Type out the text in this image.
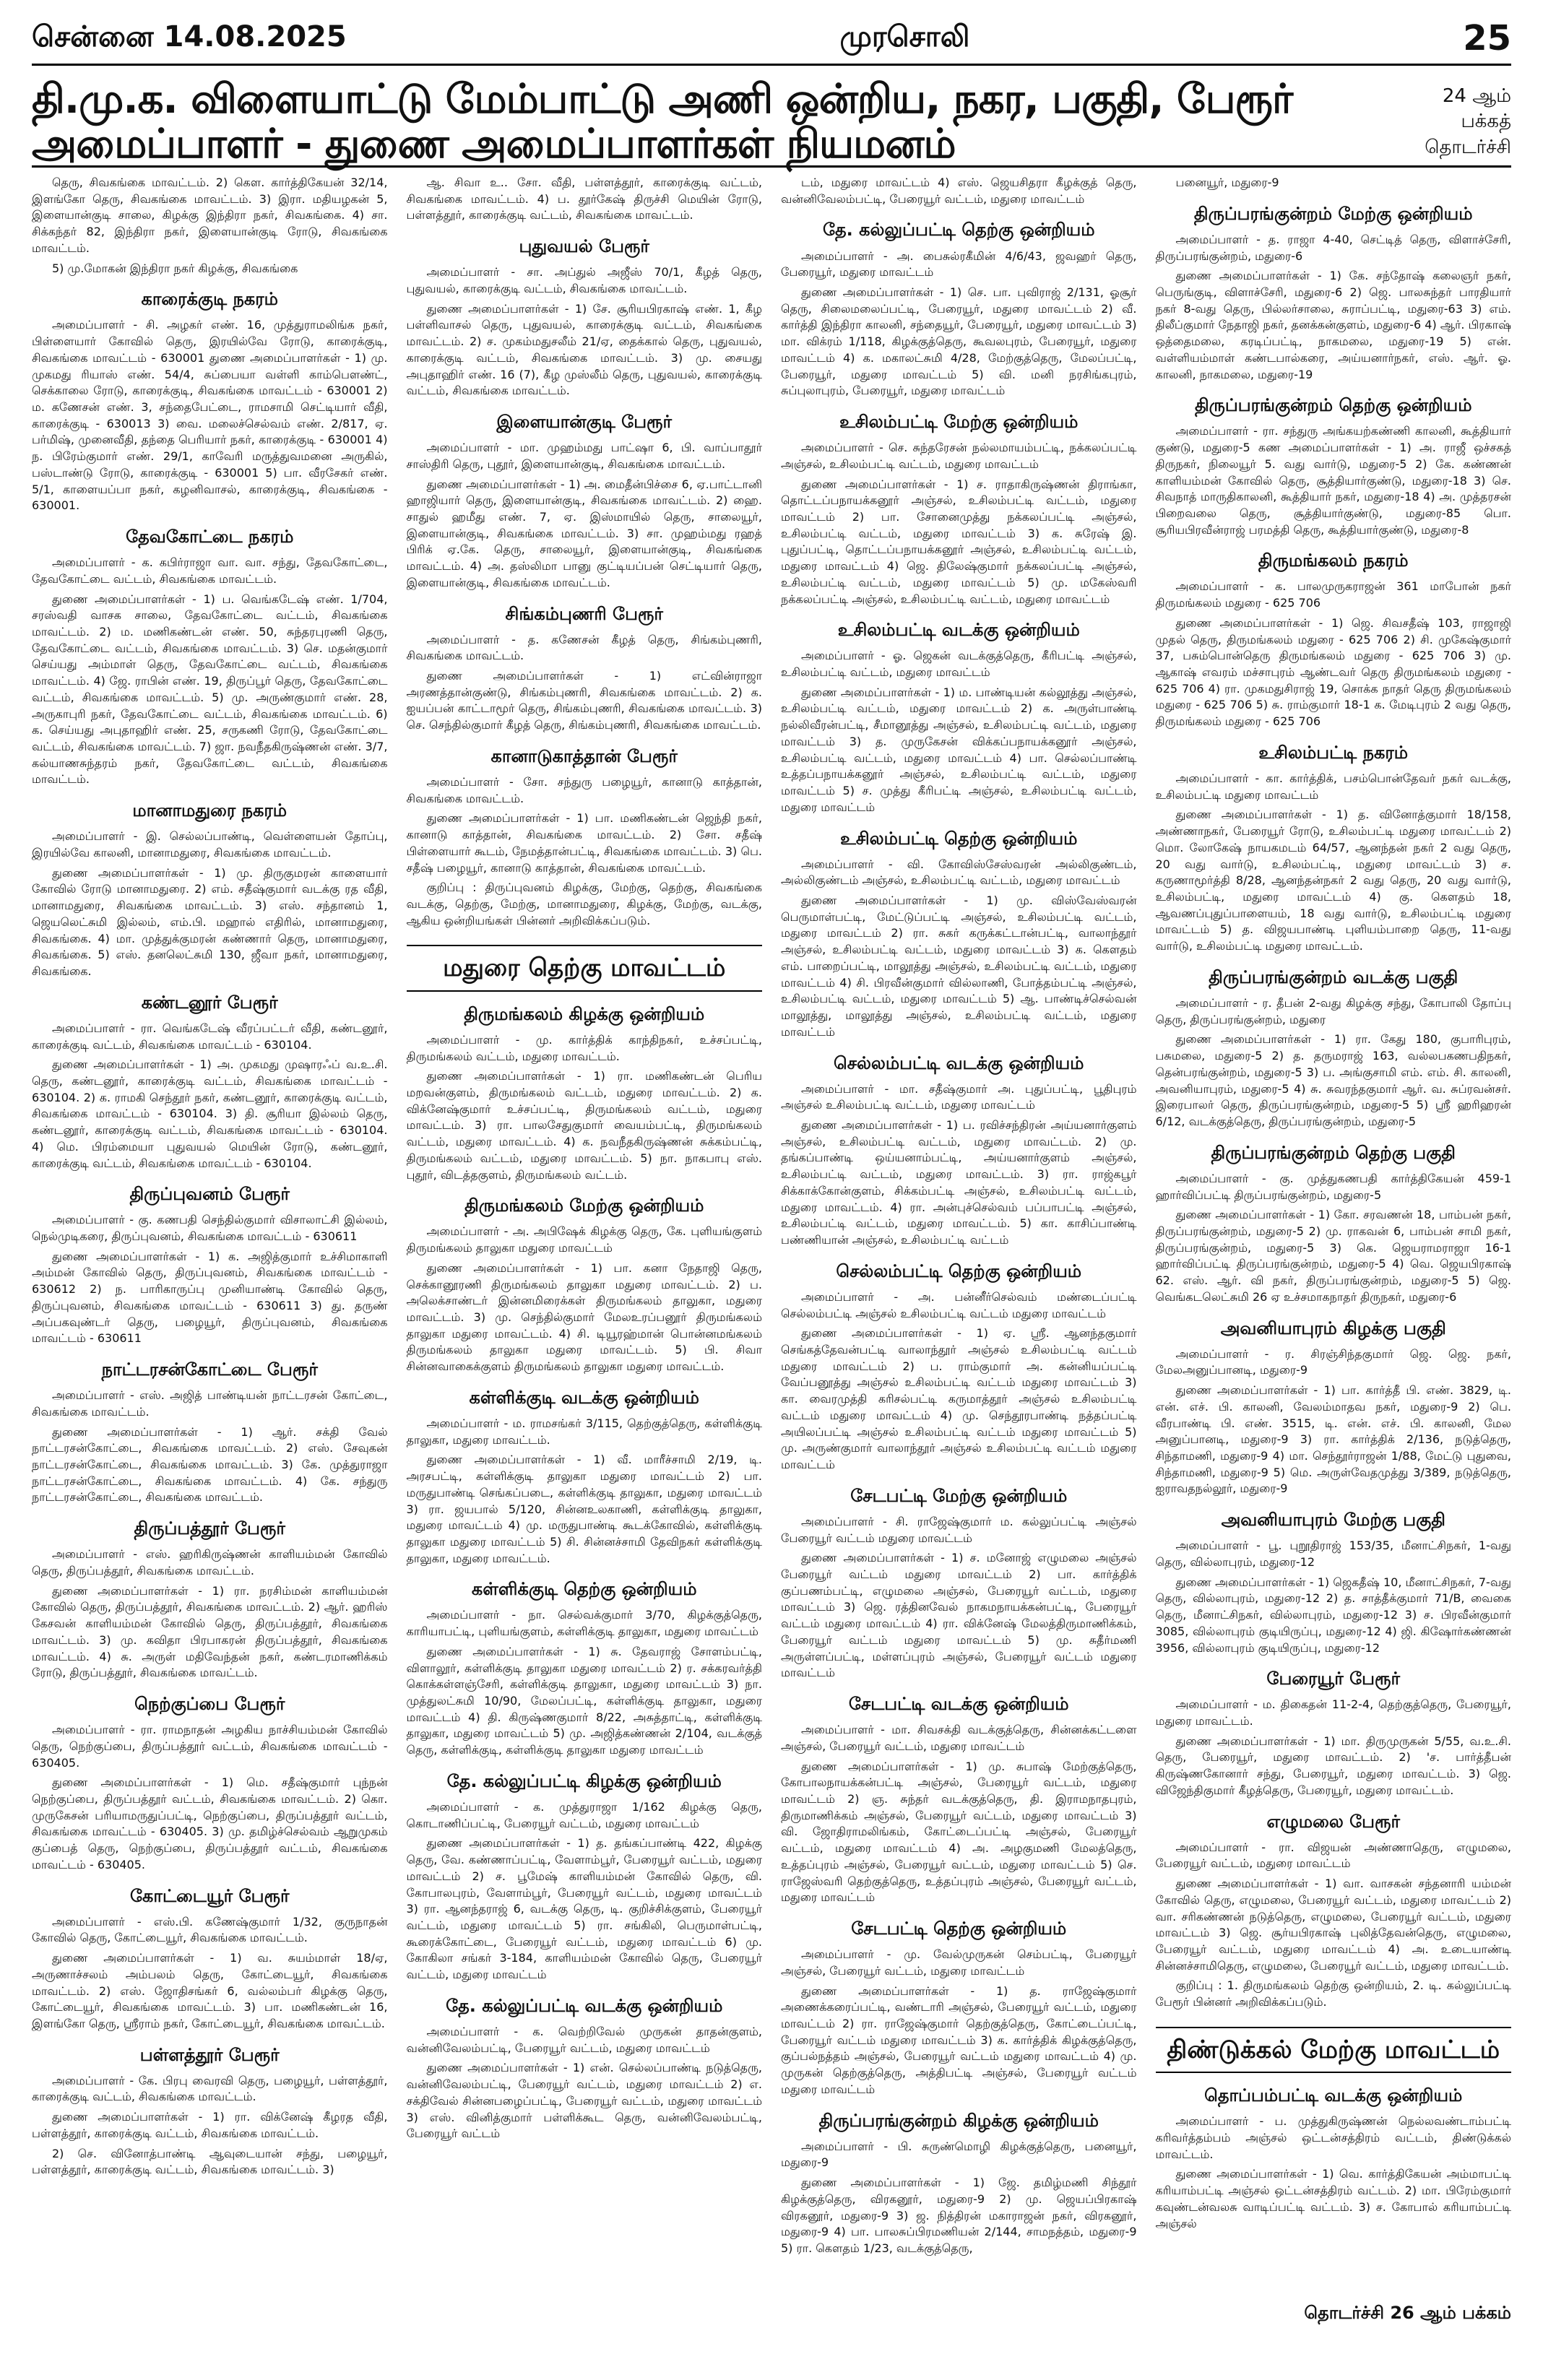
சென்னை 14.08.2025	முரசொலி	25
தி.மு.க. விளையாட்டு மேம்பாட்டு அணி ஒன்றிய, நகர, பகுதி, பேரூர் அமைப்பாளர் - துணை அமைப்பாளர்கள் நியமனம்
24 ஆம் பக்கத்
தொடர்ச்சி

தெரு, சிவகங்கை மாவட்டம். 2) கெள. கார்த்திகேயன் 32/14, இளங்கோ தெரு, சிவகங்கை மாவட்டம். 3) இரா. மதியழகன் 5, இளையான்குடி சாலை, கிழக்கு இந்திரா நகர், சிவகங்கை. 4) சா. சிக்கந்தர் 82, இந்திரா நகர், இளையான்குடி ரோடு, சிவகங்கை மாவட்டம்.

5) மு.மோகன் இந்திரா நகர் கிழக்கு, சிவகங்கை

காரைக்குடி நகரம்

அமைப்பாளர் - சி. அழகர் எண். 16, முத்துராமலிங்க நகர், பிள்ளையார் கோவில் தெரு, இரயில்வே ரோடு, காரைக்குடி, சிவகங்கை மாவட்டம் - 630001 துணை அமைப்பாளர்கள் - 1) மு. முகமது ரியாஸ் எண். 54/4, சுப்பையா வள்ளி காம்பௌண்ட், செக்காலை ரோடு, காரைக்குடி, சிவகங்கை மாவட்டம் - 630001 2) ம. கணேசன் எண். 3, சந்தைபேட்டை, ராமசாமி செட்டியார் வீதி, காரைக்குடி - 630013 3) வை. மலைச்செல்வம் எண். 2/817, ஏ. பர்மிஷ், முனைவீதி, தந்தை பெரியார் நகர், காரைக்குடி - 630001 4) ந. பிரேம்குமார் எண். 29/1, காவேரி மருத்துவமனை அருகில், பஸ்டாண்டு ரோடு, காரைக்குடி - 630001 5) பா. வீரசேகர் எண். 5/1, காளையப்பா நகர், கழனிவாசல், காரைக்குடி, சிவகங்கை - 630001.

தேவகோட்டை நகரம்

அமைப்பாளர் - க. கபிர்ராஜா வா. வா. சந்து, தேவகோட்டை, தேவகோட்டை வட்டம், சிவகங்கை மாவட்டம்.

துணை அமைப்பாளர்கள் - 1) ப. வெங்கடேஷ் எண். 1/704, சரஸ்வதி வாசக சாலை, தேவகோட்டை வட்டம், சிவகங்கை மாவட்டம். 2) ம. மணிகண்டன் எண். 50, சுந்தரபுரணி தெரு, தேவகோட்டை வட்டம், சிவகங்கை மாவட்டம். 3) செ. மதன்குமார் செய்யது அம்மாள் தெரு, தேவகோட்டை வட்டம், சிவகங்கை மாவட்டம். 4) ஜே. ராபின் எண். 19, திருப்பூர் தெரு, தேவகோட்டை வட்டம், சிவகங்கை மாவட்டம். 5) மு. அருண்குமார் எண். 28, அருகாபுரி நகர், தேவகோட்டை வட்டம், சிவகங்கை மாவட்டம். 6) க. செய்யது அபுதாஹிர் எண். 25, சருகணி ரோடு, தேவகோட்டை வட்டம், சிவகங்கை மாவட்டம். 7) ஜா. நவநீதகிருஷ்ணன் எண். 3/7, கல்யாணசுந்தரம் நகர், தேவகோட்டை வட்டம், சிவகங்கை மாவட்டம்.

மானாமதுரை நகரம்

அமைப்பாளர் - இ. செல்லப்பாண்டி, வெள்ளையன் தோப்பு, இரயில்வே காலனி, மானாமதுரை, சிவகங்கை மாவட்டம்.

துணை அமைப்பாளர்கள் - 1) மு. திருகுமரன் காளையார் கோவில் ரோடு மானாமதுரை. 2) எம். சதீஷ்குமார் வடக்கு ரத வீதி, மானாமதுரை, சிவகங்கை மாவட்டம். 3) எஸ். சந்தானம் 1, ஜெயலெட்சுமி இல்லம், எம்.பி. மஹால் எதிரில், மானாமதுரை, சிவகங்கை. 4) மா. முத்துக்குமரன் கண்ணார் தெரு, மானாமதுரை, சிவகங்கை. 5) எஸ். தனலெட்சுமி 130, ஜீவா நகர், மானாமதுரை, சிவகங்கை.

கண்டனூர் பேரூர்

அமைப்பாளர் - ரா. வெங்கடேஷ் வீரப்பட்டர் வீதி, கண்டனூர், காரைக்குடி வட்டம், சிவகங்கை மாவட்டம் - 630104.

துணை அமைப்பாளர்கள் - 1) அ. முகமது முஷாரஃப் வ.உ.சி. தெரு, கண்டனூர், காரைக்குடி வட்டம், சிவகங்கை மாவட்டம் - 630104. 2) க. ராமகி செந்தூர் நகர், கண்டனூர், காரைக்குடி வட்டம், சிவகங்கை மாவட்டம் - 630104. 3) தி. சூரியா இல்லம் தெரு, கண்டனூர், காரைக்குடி வட்டம், சிவகங்கை மாவட்டம் - 630104. 4) மெ. பிரம்மையா புதுவயல் மெயின் ரோடு, கண்டனூர், காரைக்குடி வட்டம், சிவகங்கை மாவட்டம் - 630104.

திருப்புவனம் பேரூர்

அமைப்பாளர் - கு. கணபதி செந்தில்குமார் விசாலாட்சி இல்லம், நெல்முடிகரை, திருப்புவனம், சிவகங்கை மாவட்டம் - 630611

துணை அமைப்பாளர்கள் - 1) க. அஜித்குமார் உச்சிமாகாளி அம்மன் கோவில் தெரு, திருப்புவனம், சிவகங்கை மாவட்டம் - 630612 2) ந. பாரிகாருப்பு முனியாண்டி கோவில் தெரு, திருப்புவனம், சிவகங்கை மாவட்டம் - 630611 3) து. தருண் அப்பகவுண்டர் தெரு, பழையூர், திருப்புவனம், சிவகங்கை மாவட்டம் - 630611

நாட்டரசன்கோட்டை பேரூர்

அமைப்பாளர் - எஸ். அஜித் பாண்டியன் நாட்டரசன் கோட்டை, சிவகங்கை மாவட்டம்.

துணை அமைப்பாளர்கள் - 1) ஆர். சக்தி வேல் நாட்டரசன்கோட்டை, சிவகங்கை மாவட்டம். 2) எஸ். சேவுகன் நாட்டரசன்கோட்டை, சிவகங்கை மாவட்டம். 3) கே. முத்துராஜா நாட்டரசன்கோட்டை, சிவகங்கை மாவட்டம். 4) கே. சந்துரு நாட்டரசன்கோட்டை, சிவகங்கை மாவட்டம்.

திருப்பத்தூர் பேரூர்

அமைப்பாளர் - எஸ். ஹரிகிருஷ்ணன் காளியம்மன் கோவில் தெரு, திருப்பத்தூர், சிவகங்கை மாவட்டம்.

துணை அமைப்பாளர்கள் - 1) ரா. நரசிம்மன் காளியம்மன் கோவில் தெரு, திருப்பத்தூர், சிவகங்கை மாவட்டம். 2) ஆர். ஹரிஸ் கேசவன் காளியம்மன் கோவில் தெரு, திருப்பத்தூர், சிவகங்கை மாவட்டம். 3) மு. கவிதா பிரபாகரன் திருப்பத்தூர், சிவகங்கை மாவட்டம். 4) சு. அருள் மதிவேந்தன் நகர், கண்டரமாணிக்கம் ரோடு, திருப்பத்தூர், சிவகங்கை மாவட்டம்.

நெற்குப்பை பேரூர்

அமைப்பாளர் - ரா. ராமநாதன் அழகிய நாச்சியம்மன் கோவில் தெரு, நெற்குப்பை, திருப்பத்தூர் வட்டம், சிவகங்கை மாவட்டம் - 630405.

துணை அமைப்பாளர்கள் - 1) மெ. சதீஷ்குமார் புந்நன் நெற்குப்பை, திருப்பத்தூர் வட்டம், சிவகங்கை மாவட்டம். 2) கொ. முருகேசன் பரியாமருதுப்பட்டி, நெற்குப்பை, திருப்பத்தூர் வட்டம், சிவகங்கை மாவட்டம் - 630405. 3) மு. தமிழ்ச்செல்வம் ஆறுமுகம் குப்பைத் தெரு, நெற்குப்பை, திருப்பத்தூர் வட்டம், சிவகங்கை மாவட்டம் - 630405.

கோட்டையூர் பேரூர்

அமைப்பாளர் - எஸ்.பி. கணேஷ்குமார் 1/32, குருநாதன் கோவில் தெரு, கோட்டையூர், சிவகங்கை மாவட்டம்.

துணை அமைப்பாளர்கள் - 1) வ. சுயம்மாள் 18/ஏ, அருணாச்சலம் அம்பலம் தெரு, கோட்டையூர், சிவகங்கை மாவட்டம். 2) எஸ். ஜோதிசங்கர் 6, வல்லம்பர் கிழக்கு தெரு, கோட்டையூர், சிவகங்கை மாவட்டம். 3) பா. மணிகண்டன் 16, இளங்கோ தெரு, ஸ்ரீராம் நகர், கோட்டையூர், சிவகங்கை மாவட்டம்.

பள்ளத்தூர் பேரூர்

அமைப்பாளர் - கே. பிரபு வைரவி தெரு, பழையூர், பள்ளத்தூர், காரைக்குடி வட்டம், சிவகங்கை மாவட்டம்.

துணை அமைப்பாளர்கள் - 1) ரா. விக்னேஷ் கீழரத வீதி, பள்ளத்தூர், காரைக்குடி வட்டம், சிவகங்கை மாவட்டம்.

2) செ. வினோத்பாண்டி ஆவுடையான் சந்து, பழையூர், பள்ளத்தூர், காரைக்குடி வட்டம், சிவகங்கை மாவட்டம். 3)

ஆ. சிவா உ.. சோ. வீதி, பள்ளத்தூர், காரைக்குடி வட்டம், சிவகங்கை மாவட்டம். 4) ப. தூர்கேஷ் திருச்சி மெயின் ரோடு, பள்ளத்தூர், காரைக்குடி வட்டம், சிவகங்கை மாவட்டம்.

புதுவயல் பேரூர்

அமைப்பாளர் - சா. அப்துல் அஜீஸ் 70/1, கீழத் தெரு, புதுவயல், காரைக்குடி வட்டம், சிவகங்கை மாவட்டம்.

துணை அமைப்பாளர்கள் - 1) சே. சூரியபிரகாஷ் எண். 1, கீழ பள்ளிவாசல் தெரு, புதுவயல், காரைக்குடி வட்டம், சிவகங்கை மாவட்டம். 2) ச. முகம்மதுசலீம் 21/ஏ, தைக்கால் தெரு, புதுவயல், காரைக்குடி வட்டம், சிவகங்கை மாவட்டம். 3) மு. சையது அபுதாஹிர் எண். 16 (7), கீழ முஸ்லீம் தெரு, புதுவயல், காரைக்குடி வட்டம், சிவகங்கை மாவட்டம்.

இளையான்குடி பேரூர்

அமைப்பாளர் - மா. முஹம்மது பாட்ஷா 6, பி. வாப்பாதூர் சாஸ்திரி தெரு, புதூர், இளையான்குடி, சிவகங்கை மாவட்டம்.

துணை அமைப்பாளர்கள் - 1) அ. மைதீன்பிச்சை 6, ஏ.பாட்டானி ஹாஜியார் தெரு, இளையான்குடி, சிவகங்கை மாவட்டம். 2) ஹை. சாதுல் ஹமீது எண். 7, ஏ. இஸ்மாயில் தெரு, சாலையூர், இளையான்குடி, சிவகங்கை மாவட்டம். 3) சா. முஹம்மது ரஹத் பிரிக் ஏ.கே. தெரு, சாலையூர், இளையான்குடி, சிவகங்கை மாவட்டம். 4) அ. தஸ்லிமா பானு குட்டியப்பன் செட்டியார் தெரு, இளையான்குடி, சிவகங்கை மாவட்டம்.

சிங்கம்புணரி பேரூர்

அமைப்பாளர் - த. கணேசன் கீழத் தெரு, சிங்கம்புணரி, சிவகங்கை மாவட்டம்.

துணை அமைப்பாளர்கள் - 1) எட்வின்ராஜா அரணத்தான்குண்டு, சிங்கம்புணரி, சிவகங்கை மாவட்டம். 2) க. ஐயப்பன் காட்டாமூர் தெரு, சிங்கம்புணரி, சிவகங்கை மாவட்டம். 3) செ. செந்தில்குமார் கீழத் தெரு, சிங்கம்புணரி, சிவகங்கை மாவட்டம்.

கானாடுகாத்தான் பேரூர்

அமைப்பாளர் - சோ. சந்துரு பழையூர், கானாடு காத்தான், சிவகங்கை மாவட்டம்.

துணை அமைப்பாளர்கள் - 1) பா. மணிகண்டன் ஜெந்தி நகர், கானாடு காத்தான், சிவகங்கை மாவட்டம். 2) சோ. சதீஷ் பிள்ளையார் கூடம், நேமத்தான்பட்டி, சிவகங்கை மாவட்டம். 3) பெ. சதீஷ் பழையூர், கானாடு காத்தான், சிவகங்கை மாவட்டம்.

குறிப்பு : திருப்புவனம் கிழக்கு, மேற்கு, தெற்கு, சிவகங்கை வடக்கு, தெற்கு, மேற்கு, மானாமதுரை, கிழக்கு, மேற்கு, வடக்கு, ஆகிய ஒன்றியங்கள் பின்னர் அறிவிக்கப்படும்.

மதுரை தெற்கு மாவட்டம்
திருமங்கலம் கிழக்கு ஒன்றியம்

அமைப்பாளர் - மு. கார்த்திக் காந்திநகர், உச்சப்பட்டி, திருமங்கலம் வட்டம், மதுரை மாவட்டம்.

துணை அமைப்பாளர்கள் - 1) ரா. மணிகண்டன் பெரிய மறவன்குளம், திருமங்கலம் வட்டம், மதுரை மாவட்டம். 2) க. விக்னேஷ்குமார் உச்சப்பட்டி, திருமங்கலம் வட்டம், மதுரை மாவட்டம். 3) ரா. பாலசேதுகுமார் வையம்பட்டி, திருமங்கலம் வட்டம், மதுரை மாவட்டம். 4) க. நவநீதகிருஷ்ணன் சுக்கம்பட்டி, திருமங்கலம் வட்டம், மதுரை மாவட்டம். 5) நா. நாகபாபு எஸ். புதூர், விடத்தகுளம், திருமங்கலம் வட்டம்.

திருமங்கலம் மேற்கு ஒன்றியம்

அமைப்பாளர் - அ. அபிஷேக் கிழக்கு தெரு, கே. புளியங்குளம் திருமங்கலம் தாலுகா மதுரை மாவட்டம்

துணை அமைப்பாளர்கள் - 1) பா. கனா நேதாஜி தெரு, செக்கானூரணி திருமங்கலம் தாலுகா மதுரை மாவட்டம். 2) ப. அலெக்சாண்டர் இன்னமிரைக்கள் திருமங்கலம் தாலுகா, மதுரை மாவட்டம். 3) மு. செந்தில்குமார் மேலஉரப்பனூர் திருமங்கலம் தாலுகா மதுரை மாவட்டம். 4) சி. டியூரஹ்மான் பொன்னமங்கலம் திருமங்கலம் தாலுகா மதுரை மாவட்டம். 5) பி. சிவா சின்னவாகைக்குளம் திருமங்கலம் தாலுகா மதுரை மாவட்டம்.

கள்ளிக்குடி வடக்கு ஒன்றியம்

அமைப்பாளர் - ம. ராமசங்கர் 3/115, தெற்குத்தெரு, கள்ளிக்குடி தாலுகா, மதுரை மாவட்டம்.

துணை அமைப்பாளர்கள் - 1) வீ. மாரீச்சாமி 2/19, டி. அரசபட்டி, கள்ளிக்குடி தாலுகா மதுரை மாவட்டம் 2) பா. மருதுபாண்டி செங்கப்படை, கள்ளிக்குடி தாலுகா, மதுரை மாவட்டம் 3) ரா. ஜயபால் 5/120, சின்னஉலகாணி, கள்ளிக்குடி தாலுகா, மதுரை மாவட்டம் 4) மு. மருதுபாண்டி கூடக்கோவில், கள்ளிக்குடி தாலுகா மதுரை மாவட்டம் 5) சி. சின்னச்சாமி தேவிநகர் கள்ளிக்குடி தாலுகா, மதுரை மாவட்டம்.

கள்ளிக்குடி தெற்கு ஒன்றியம்

அமைப்பாளர் - நா. செல்வக்குமார் 3/70, கிழக்குத்தெரு, காரியாபட்டி, புளியங்குளம், கள்ளிக்குடி தாலுகா, மதுரை மாவட்டம்

துணை அமைப்பாளர்கள் - 1) சு. தேவராஜ் சோளம்பட்டி, விளாலூர், கள்ளிக்குடி தாலுகா மதுரை மாவட்டம் 2) ர. சக்கரவர்த்தி கொக்கள்ளஞ்சேரி, கள்ளிக்குடி தாலுகா, மதுரை மாவட்டம் 3) நா. முத்துலட்சுமி 10/90, மேலப்பட்டி, கள்ளிக்குடி தாலுகா, மதுரை மாவட்டம் 4) தி. கிருஷ்ணகுமார் 8/22, அசுத்தாட்டி, கள்ளிக்குடி தாலுகா, மதுரை மாவட்டம் 5) மு. அஜித்கண்ணன் 2/104, வடக்குத் தெரு, கள்ளிக்குடி, கள்ளிக்குடி தாலுகா மதுரை மாவட்டம்

தே. கல்லுப்பட்டி கிழக்கு ஒன்றியம்

அமைப்பாளர் - க. முத்துராஜா 1/162 கிழக்கு தெரு, கொடாணிப்பட்டி, பேரையூர் வட்டம், மதுரை மாவட்டம்

துணை அமைப்பாளர்கள் - 1) த. தங்கப்பாண்டி 422, கிழக்கு தெரு, வே. கண்ணாப்பட்டி, வேளாம்பூர், பேரையூர் வட்டம், மதுரை மாவட்டம் 2) ச. பூமேஷ் காளியம்மன் கோவில் தெரு, வி. கோபாலபுரம், வேளாம்பூர், பேரையூர் வட்டம், மதுரை மாவட்டம் 3) ரா. ஆனந்தராஜ் 6, வடக்கு தெரு, டி. குறிச்சிக்குளம், பேரையூர் வட்டம், மதுரை மாவட்டம் 5) ரா. சங்கிலி, பெருமாள்பட்டி, கூரைக்கோட்டை, பேரையூர் வட்டம், மதுரை மாவட்டம் 6) மு. கோகிலா சங்கர் 3-184, காளியம்மன் கோவில் தெரு, பேரையூர் வட்டம், மதுரை மாவட்டம்

தே. கல்லுப்பட்டி வடக்கு ஒன்றியம்

அமைப்பாளர் - க. வெற்றிவேல் முருகன் தாதன்குளம், வன்னிவேலம்பட்டி, பேரையூர் வட்டம், மதுரை மாவட்டம்

துணை அமைப்பாளர்கள் - 1) என். செல்லப்பாண்டி நடுத்தெரு, வன்னிவேலம்பட்டி, பேரையூர் வட்டம், மதுரை மாவட்டம் 2) எ. சக்திவேல் சின்னபழைப்பட்டி, பேரையூர் வட்டம், மதுரை மாவட்டம் 3) எஸ். வினித்குமார் பள்ளிக்கூட தெரு, வன்னிவேலம்பட்டி, பேரையூர் வட்டம்

டம், மதுரை மாவட்டம் 4) எஸ். ஜெயசிதரா கீழக்குத் தெரு, வன்னிவேலம்பட்டி, பேரையூர் வட்டம், மதுரை மாவட்டம்

தே. கல்லுப்பட்டி தெற்கு ஒன்றியம்

அமைப்பாளர் - அ. பைசுல்ரகீமின் 4/6/43, ஜவஹர் தெரு, பேரையூர், மதுரை மாவட்டம்

துணை அமைப்பாளர்கள் - 1) செ. பா. புவிராஜ் 2/131, ஓசூர் தெரு, சிலைமலைப்பட்டி, பேரையூர், மதுரை மாவட்டம் 2) வீ. கார்த்தி இந்திரா காலனி, சந்தையூர், பேரையூர், மதுரை மாவட்டம் 3) மா. விக்ரம் 1/118, கிழக்குத்தெரு, கூவலபுரம், பேரையூர், மதுரை மாவட்டம் 4) க. மகாலட்சுமி 4/28, மேற்குத்தெரு, மேலப்பட்டி, பேரையூர், மதுரை மாவட்டம் 5) வி. மனி நரசிங்கபுரம், சுப்புலாபுரம், பேரையூர், மதுரை மாவட்டம்

உசிலம்பட்டி மேற்கு ஒன்றியம்

அமைப்பாளர் - செ. சுந்தரேசன் நல்லமாயம்பட்டி, நக்கலப்பட்டி அஞ்சல், உசிலம்பட்டி வட்டம், மதுரை மாவட்டம்

துணை அமைப்பாளர்கள் - 1) ச. ராதாகிருஷ்ணன் திராங்கா, தொட்டப்பநாயக்கனூர் அஞ்சல், உசிலம்பட்டி வட்டம், மதுரை மாவட்டம் 2) பா. சோனைமுத்து நக்கலப்பட்டி அஞ்சல், உசிலம்பட்டி வட்டம், மதுரை மாவட்டம் 3) க. சுரேஷ் இ. புதுப்பட்டி, தொட்டப்பநாயக்கனூர் அஞ்சல், உசிலம்பட்டி வட்டம், மதுரை மாவட்டம் 4) ஜெ. திலேஷ்குமார் நக்கலப்பட்டி அஞ்சல், உசிலம்பட்டி வட்டம், மதுரை மாவட்டம் 5) மு. மகேஸ்வரி நக்கலப்பட்டி அஞ்சல், உசிலம்பட்டி வட்டம், மதுரை மாவட்டம்

உசிலம்பட்டி வடக்கு ஒன்றியம்

அமைப்பாளர் - ஓ. ஜெகன் வடக்குத்தெரு, கீரிபட்டி அஞ்சல், உசிலம்பட்டி வட்டம், மதுரை மாவட்டம்

துணை அமைப்பாளர்கள் - 1) ம. பாண்டியன் கல்லூத்து அஞ்சல், உசிலம்பட்டி வட்டம், மதுரை மாவட்டம் 2) க. அருள்பாண்டி நல்லிவீரன்பட்டி, சீமானூத்து அஞ்சல், உசிலம்பட்டி வட்டம், மதுரை மாவட்டம் 3) த. முருகேசன் விக்கப்பநாயக்கனூர் அஞ்சல், உசிலம்பட்டி வட்டம், மதுரை மாவட்டம் 4) பா. செல்லப்பாண்டி உத்தப்பநாயக்கனூர் அஞ்சல், உசிலம்பட்டி வட்டம், மதுரை மாவட்டம் 5) ச. முத்து கீரிபட்டி அஞ்சல், உசிலம்பட்டி வட்டம், மதுரை மாவட்டம்

உசிலம்பட்டி தெற்கு ஒன்றியம்

அமைப்பாளர் - வி. கோவிஸ்சேஸ்வரன் அல்லிகுண்டம், அல்லிகுண்டம் அஞ்சல், உசிலம்பட்டி வட்டம், மதுரை மாவட்டம்

துணை அமைப்பாளர்கள் - 1) மு. விஸ்வேஸ்வரன் பெருமாள்பட்டி, மேட்டுப்பட்டி அஞ்சல், உசிலம்பட்டி வட்டம், மதுரை மாவட்டம் 2) ரா. சுகர் கருக்கட்டான்பட்டி, வாலாந்தூர் அஞ்சல், உசிலம்பட்டி வட்டம், மதுரை மாவட்டம் 3) க. கௌதம் எம். பாறைப்பட்டி, மாலூத்து அஞ்சல், உசிலம்பட்டி வட்டம், மதுரை மாவட்டம் 4) சி. பிரவீன்குமார் வில்லாணி, போத்தம்பட்டி அஞ்சல், உசிலம்பட்டி வட்டம், மதுரை மாவட்டம் 5) ஆ. பாண்டிச்செல்வன் மாலூத்து, மாலூத்து அஞ்சல், உசிலம்பட்டி வட்டம், மதுரை மாவட்டம்

செல்லம்பட்டி வடக்கு ஒன்றியம்

அமைப்பாளர் - மா. சதீஷ்குமார் அ. புதுப்பட்டி, பூதிபுரம் அஞ்சல் உசிலம்பட்டி வட்டம், மதுரை மாவட்டம்

துணை அமைப்பாளர்கள் - 1) ப. ரவிச்சந்திரன் அய்யனார்குளம் அஞ்சல், உசிலம்பட்டி வட்டம், மதுரை மாவட்டம். 2) மு. தங்கப்பாண்டி ஒய்யனாம்பட்டி, அய்யனார்குளம் அஞ்சல், உசிலம்பட்டி வட்டம், மதுரை மாவட்டம். 3) ரா. ராஜ்கபூர் சிக்காக்கோன்குளம், சிக்கம்பட்டி அஞ்சல், உசிலம்பட்டி வட்டம், மதுரை மாவட்டம். 4) ரா. அன்புச்செல்வம் பப்பாபட்டி அஞ்சல், உசிலம்பட்டி வட்டம், மதுரை மாவட்டம். 5) கா. காசிப்பாண்டி பண்ணியான் அஞ்சல், உசிலம்பட்டி வட்டம்

செல்லம்பட்டி தெற்கு ஒன்றியம்

அமைப்பாளர் - அ. பன்னீர்செல்வம் மண்டைப்பட்டி செல்லம்பட்டி அஞ்சல் உசிலம்பட்டி வட்டம் மதுரை மாவட்டம்

துணை அமைப்பாளர்கள் - 1) ஏ. ஸ்ரீ. ஆனந்தகுமார் செங்கத்தேவன்பட்டி வாலாந்தூர் அஞ்சல் உசிலம்பட்டி வட்டம் மதுரை மாவட்டம் 2) ப. ராம்குமார் அ. கன்னியப்பட்டி வேப்பனூத்து அஞ்சல் உசிலம்பட்டி வட்டம் மதுரை மாவட்டம் 3) கா. வைரமுத்தி கரிசல்பட்டி கருமாத்தூர் அஞ்சல் உசிலம்பட்டி வட்டம் மதுரை மாவட்டம் 4) மு. செந்தூரபாண்டி நத்தப்பட்டி அயிலப்பட்டி அஞ்சல் உசிலம்பட்டி வட்டம் மதுரை மாவட்டம் 5) மு. அருண்குமார் வாலாந்தூர் அஞ்சல் உசிலம்பட்டி வட்டம் மதுரை மாவட்டம்

சேடபட்டி மேற்கு ஒன்றியம்

அமைப்பாளர் - சி. ராஜேஷ்குமார் ம. கல்லுப்பட்டி அஞ்சல் பேரையூர் வட்டம் மதுரை மாவட்டம்

துணை அமைப்பாளர்கள் - 1) ச. மனோஜ் எழுமலை அஞ்சல் பேரையூர் வட்டம் மதுரை மாவட்டம் 2) பா. கார்த்திக் குப்பணம்பட்டி, எழுமலை அஞ்சல், பேரையூர் வட்டம், மதுரை மாவட்டம் 3) ஜெ. ரத்தினவேல் நாகமநாயக்கன்பட்டி, பேரையூர் வட்டம் மதுரை மாவட்டம் 4) ரா. விக்னேஷ் மேலத்திருமாணிக்கம், பேரையூர் வட்டம் மதுரை மாவட்டம் 5) மு. சுதீர்மணி அருள்ளப்பட்டி, மள்ளப்புரம் அஞ்சல், பேரையூர் வட்டம் மதுரை மாவட்டம்

சேடபட்டி வடக்கு ஒன்றியம்

அமைப்பாளர் - மா. சிவசக்தி வடக்குத்தெரு, சின்னக்கட்டளை அஞ்சல், பேரையூர் வட்டம், மதுரை மாவட்டம்

துணை அமைப்பாளர்கள் - 1) மு. சுபாஷ் மேற்குத்தெரு, கோபாலநாயக்கன்பட்டி அஞ்சல், பேரையூர் வட்டம், மதுரை மாவட்டம் 2) ஞ. சுந்தர் வடக்குத்தெரு, தி. இராமநாதபுரம், திருமாணிக்கம் அஞ்சல், பேரையூர் வட்டம், மதுரை மாவட்டம் 3) வி. ஜோதிராமலிங்கம், கோட்டைப்பட்டி அஞ்சல், பேரையூர் வட்டம், மதுரை மாவட்டம் 4) அ. அழகுமணி மேலத்தெரு, உத்தப்புரம் அஞ்சல், பேரையூர் வட்டம், மதுரை மாவட்டம் 5) செ. ராஜேஸ்வரி தெற்குத்தெரு, உத்தப்புரம் அஞ்சல், பேரையூர் வட்டம், மதுரை மாவட்டம்

சேடபட்டி தெற்கு ஒன்றியம்

அமைப்பாளர் - மு. வேல்முருகன் செம்பட்டி, பேரையூர் அஞ்சல், பேரையூர் வட்டம், மதுரை மாவட்டம்

துணை அமைப்பாளர்கள் - 1) த. ராஜேஷ்குமார் அணைக்கரைப்பட்டி, வண்டாரி அஞ்சல், பேரையூர் வட்டம், மதுரை மாவட்டம் 2) ரா. ராஜேஷ்குமார் தெற்குத்தெரு, கோட்டைப்பட்டி, பேரையூர் வட்டம் மதுரை மாவட்டம் 3) க. கார்த்திக் கிழக்குத்தெரு, குப்பல்நத்தம் அஞ்சல், பேரையூர் வட்டம் மதுரை மாவட்டம் 4) மு. முருகன் தெற்குத்தெரு, அத்திபட்டி அஞ்சல், பேரையூர் வட்டம் மதுரை மாவட்டம்

திருப்பரங்குன்றம் கிழக்கு ஒன்றியம்

அமைப்பாளர் - பி. சுருண்மொழி கிழக்குத்தெரு, பனையூர், மதுரை-9

துணை அமைப்பாளர்கள் - 1) ஜே. தமிழ்மணி சிந்தூர் கிழக்குத்தெரு, விரகனூர், மதுரை-9 2) மு. ஜெயப்பிரகாஷ் விரகனூர், மதுரை-9 3) ஜ. நித்திரன் மகாராஜன் நகர், விரகனூர், மதுரை-9 4) பா. பாலசுப்பிரமணியன் 2/144, சாமநத்தம், மதுரை-9 5) ரா. கௌதம் 1/23, வடக்குத்தெரு,

பனையூர், மதுரை-9

திருப்பரங்குன்றம் மேற்கு ஒன்றியம்

அமைப்பாளர் - த. ராஜா 4-40, செட்டித் தெரு, விளாச்சேரி, திருப்பரங்குன்றம், மதுரை-6

துணை அமைப்பாளர்கள் - 1) கே. சந்தோஷ் கலைஞர் நகர், பெருங்குடி, விளாச்சேரி, மதுரை-6 2) ஜெ. பாலசுந்தர் பாரதியார் நகர் 8-வது தெரு, பில்லர்சாலை, சுராப்பட்டி, மதுரை-63 3) எம். திலீப்குமார் நேதாஜி நகர், தனக்கன்குளம், மதுரை-6 4) ஆர். பிரகாஷ் ஒத்தைமலை, கரடிப்பட்டி, நாகமலை, மதுரை-19 5) என். வள்ளியம்மாள் கண்டபால்கரை, அய்யனார்நகர், எஸ். ஆர். ஓ. காலனி, நாகமலை, மதுரை-19

திருப்பரங்குன்றம் தெற்கு ஒன்றியம்

அமைப்பாளர் - ரா. சந்துரு அங்கயற்கண்ணி காலனி, கூத்தியார் குண்டு, மதுரை-5 கண அமைப்பாளர்கள் - 1) அ. ராஜீ ஒச்சகத் திருநகர், நிலையூர் 5. வது வார்டு, மதுரை-5 2) கே. கண்ணன் காளியம்மன் கோவில் தெரு, சூத்தியார்குண்டு, மதுரை-18 3) செ. சிவநாத் மாருதிகாலனி, கூத்தியார் நகர், மதுரை-18 4) அ. முத்தரசன் பிறைவலை தெரு, சூத்தியார்குண்டு, மதுரை-85 பொ. சூரியபிரவீன்ராஜ் பரமத்தி தெரு, கூத்தியார்குண்டு, மதுரை-8

திருமங்கலம் நகரம்

அமைப்பாளர் - க. பாலமுருகராஜன் 361 மாபோன் நகர் திருமங்கலம் மதுரை - 625 706

துணை அமைப்பாளர்கள் - 1) ஜெ. சிவசதீஷ் 103, ராஜாஜி முதல் தெரு, திருமங்கலம் மதுரை - 625 706 2) சி. முகேஷ்குமார் 37, பசும்பொன்தெரு திருமங்கலம் மதுரை - 625 706 3) மு. ஆகாஷ் எவரம் மச்சாபுரம் ஆண்டவர் தெரு திருமங்கலம் மதுரை - 625 706 4) ரா. முகமதுசிராஜ் 19, சொக்க நாதர் தெரு திருமங்கலம் மதுரை - 625 706 5) சு. ராம்குமார் 18-1 க. மேடிபுரம் 2 வது தெரு, திருமங்கலம் மதுரை - 625 706

உசிலம்பட்டி நகரம்

அமைப்பாளர் - கா. கார்த்திக், பசம்பொன்தேவர் நகர் வடக்கு, உசிலம்பட்டி மதுரை மாவட்டம்

துணை அமைப்பாளர்கள் - 1) த. வினோத்குமார் 18/158, அண்ணாநகர், பேரையூர் ரோடு, உசிலம்பட்டி மதுரை மாவட்டம் 2) மொ. லோகேஷ் நாயகமடம் 64/57, ஆனந்தன் நகர் 2 வது தெரு, 20 வது வார்டு, உசிலம்பட்டி, மதுரை மாவட்டம் 3) ச. கருணாமூர்த்தி 8/28, ஆனந்தன்நகர் 2 வது தெரு, 20 வது வார்டு, உசிலம்பட்டி, மதுரை மாவட்டம் 4) கு. கௌதம் 18, ஆவணப்புதுப்பாளையம், 18 வது வார்டு, உசிலம்பட்டி மதுரை மாவட்டம் 5) த. விஜயபாண்டி புளியம்பாறை தெரு, 11-வது வார்டு, உசிலம்பட்டி மதுரை மாவட்டம்.

திருப்பரங்குன்றம் வடக்கு பகுதி

அமைப்பாளர் - ர. தீபன் 2-வது கிழக்கு சந்து, கோபாலி தோப்பு தெரு, திருப்பரங்குன்றம், மதுரை

துணை அமைப்பாளர்கள் - 1) ரா. கேது 180, குபாரிபுரம், பசுமலை, மதுரை-5 2) த. தருமராஜ் 163, வல்லபகணபதிநகர், தென்பரங்குன்றம், மதுரை-5 3) ப. அங்குசாமி எம். எம். சி. காலனி, அவனியாபுரம், மதுரை-5 4) சு. சுவரந்தகுமார் ஆர். வ. சுப்ரவன்சர். இரைபாலர் தெரு, திருப்பரங்குன்றம், மதுரை-5 5) ஸ்ரீ ஹரிஹரன் 6/12, வடக்குத்தெரு, திருப்பரங்குன்றம், மதுரை-5

திருப்பரங்குன்றம் தெற்கு பகுதி

அமைப்பாளர் - கு. முத்துகணபதி கார்த்திகேயன் 459-1 ஹார்விப்பட்டி திருப்பரங்குன்றம், மதுரை-5

துணை அமைப்பாளர்கள் - 1) கோ. சரவணன் 18, பாம்பன் நகர், திருப்பரங்குன்றம், மதுரை-5 2) மு. ராகவன் 6, பாம்பன் சாமி நகர், திருப்பரங்குன்றம், மதுரை-5 3) கெ. ஜெயராமராஜா 16-1 ஹார்விப்பட்டி திருப்பரங்குன்றம், மதுரை-5 4) வெ. ஜெயபிரகாஷ் 62. எஸ். ஆர். வி நகர், திருப்பரங்குன்றம், மதுரை-5 5) ஜெ. வெங்கடலெட்சுமி 26 ஏ உச்சமாகநாதர் திருநகர், மதுரை-6

அவனியாபுரம் கிழக்கு பகுதி

அமைப்பாளர் - ர. சிரஞ்சிந்தகுமார் ஜெ. ஜெ. நகர், மேலஅனுப்பானடி, மதுரை-9

துணை அமைப்பாளர்கள் - 1) பா. கார்த்தீ பி. எண். 3829, டி. என். எச். பி. காலனி, வேலம்மாதவ நகர், மதுரை-9 2) பெ. வீரபாண்டி பி. எண். 3515, டி. என். எச். பி. காலனி, மேல அனுப்பானடி, மதுரை-9 3) ரா. கார்த்திக் 2/136, நடுத்தெரு, சிந்தாமணி, மதுரை-9 4) மா. செந்தூர்ராஜன் 1/88, மேட்டு புதுவை, சிந்தாமணி, மதுரை-9 5) மெ. அருள்வேதமுத்து 3/389, நடுத்தெரு, ஐராவதநல்லூர், மதுரை-9

அவனியாபுரம் மேற்கு பகுதி

அமைப்பாளர் - பூ. புறூதிராஜ் 153/35, மீனாட்சிநகர், 1-வது தெரு, வில்லாபுரம், மதுரை-12

துணை அமைப்பாளர்கள் - 1) ஜெகதீஷ் 10, மீனாட்சிநகர், 7-வது தெரு, வில்லாபுரம், மதுரை-12 2) த. சாத்தீக்குமார் 71/B, வைகை தெரு, மீனாட்சிநகர், வில்லாபுரம், மதுரை-12 3) ச. பிரவீன்குமார் 3085, வில்லாபுரம் குடியிருப்பு, மதுரை-12 4) ஜி. கிஷோர்கண்ணன் 3956, வில்லாபுரம் குடியிருப்பு, மதுரை-12

பேரையூர் பேரூர்

அமைப்பாளர் - ம. திகைதன் 11-2-4, தெற்குத்தெரு, பேரையூர், மதுரை மாவட்டம்.

துணை அமைப்பாளர்கள் - 1) மா. திருமுருகன் 5/55, வ.உ.சி. தெரு, பேரையூர், மதுரை மாவட்டம். 2) 'ச. பார்த்தீபன் கிருஷ்ணகோனார் சந்து, பேரையூர், மதுரை மாவட்டம். 3) ஜெ. விஜேந்திகுமார் கீழத்தெரு, பேரையூர், மதுரை மாவட்டம்.

எழுமலை பேரூர்

அமைப்பாளர் - ரா. விஜயன் அண்ணாதெரு, எழுமலை, பேரையூர் வட்டம், மதுரை மாவட்டம்

துணை அமைப்பாளர்கள் - 1) வா. வாசகன் சந்தனாரி யம்மன் கோவில் தெரு, எழுமலை, பேரையூர் வட்டம், மதுரை மாவட்டம் 2) வா. சரிகண்ணன் நடுத்தெரு, எழுமலை, பேரையூர் வட்டம், மதுரை மாவட்டம் 3) ஜெ. சூர்யபிரகாஷ் புலித்தேவன்தெரு, எழுமலை, பேரையூர் வட்டம், மதுரை மாவட்டம் 4) அ. உடையாண்டி சின்னச்சாமிதெரு, எழுமலை, பேரையூர் வட்டம், மதுரை மாவட்டம்.

குறிப்பு : 1. திருமங்கலம் தெற்கு ஒன்றியம், 2. டி. கல்லுப்பட்டி பேரூர் பின்னர் அறிவிக்கப்படும்.

திண்டுக்கல் மேற்கு மாவட்டம்
தொப்பம்பட்டி வடக்கு ஒன்றியம்

அமைப்பாளர் - ப. முத்துகிருஷ்ணன் நெல்லவண்டாம்பட்டி கரிவர்த்தம்பம் அஞ்சல் ஒட்டன்சத்திரம் வட்டம், திண்டுக்கல் மாவட்டம்.

துணை அமைப்பாளர்கள் - 1) வெ. கார்த்திகேயன் அம்மாபட்டி கரியாம்பட்டி அஞ்சல் ஒட்டன்சத்திரம் வட்டம். 2) மா. பிரேம்குமார் கவுண்டன்வலசு வாடிப்பட்டி வட்டம். 3) ச. கோபால் கரியாம்பட்டி அஞ்சல்

தொடர்ச்சி 26 ஆம் பக்கம்
